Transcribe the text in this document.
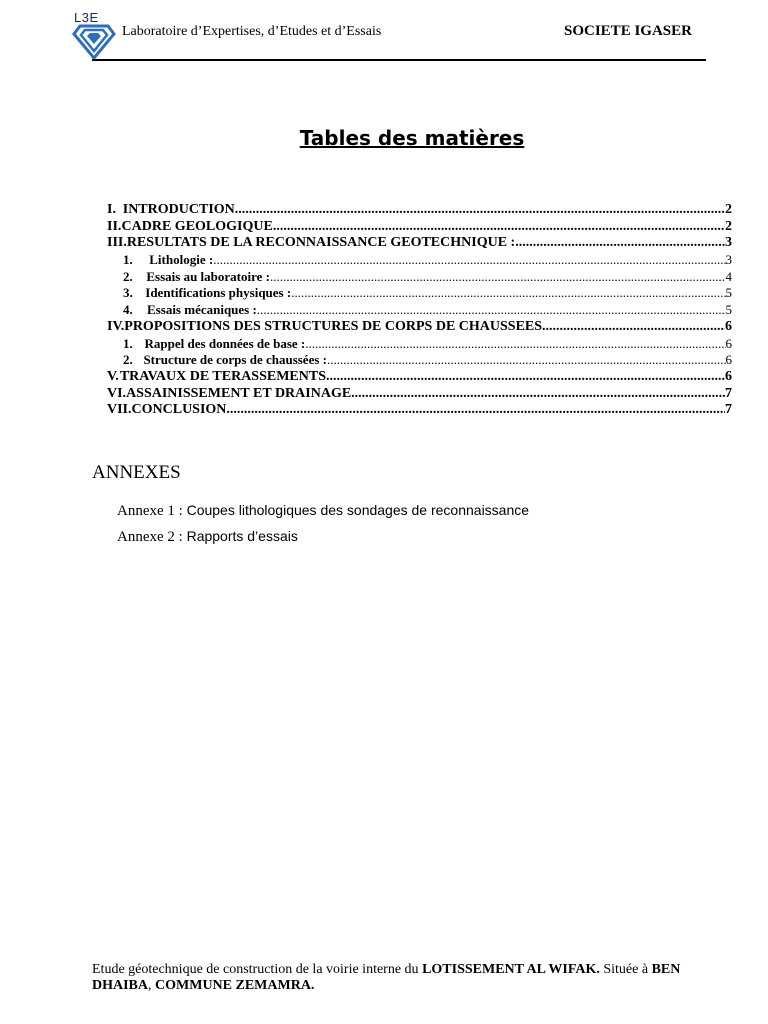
L3E
Laboratoire d’Expertises, d’Etudes et d’Essais	SOCIETE IGASER
Tables des matières
I. INTRODUCTION .....	2
II. CADRE GEOLOGIQUE .....	2
III. RESULTATS DE LA RECONNAISSANCE GEOTECHNIQUE : .....	3
1.	Lithologie : .....	3
2.	Essais au laboratoire : .....	4
3. Identifications physiques : .....	5
4.	Essais mécaniques : .....	5
IV. PROPOSITIONS DES STRUCTURES DE CORPS DE CHAUSSEES .....	6
1. Rappel des données de base : .....	6
2. Structure de corps de chaussées : .....	6
V. TRAVAUX DE TERASSEMENTS .....	6
VI. ASSAINISSEMENT ET DRAINAGE .....	7
VII. CONCLUSION .....	7
ANNEXES
Annexe 1 : Coupes lithologiques des sondages de reconnaissance
Annexe 2 : Rapports d’essais
Etude géotechnique de construction de la voirie interne du LOTISSEMENT AL WIFAK. Située à BEN DHAIBA, COMMUNE ZEMAMRA.
